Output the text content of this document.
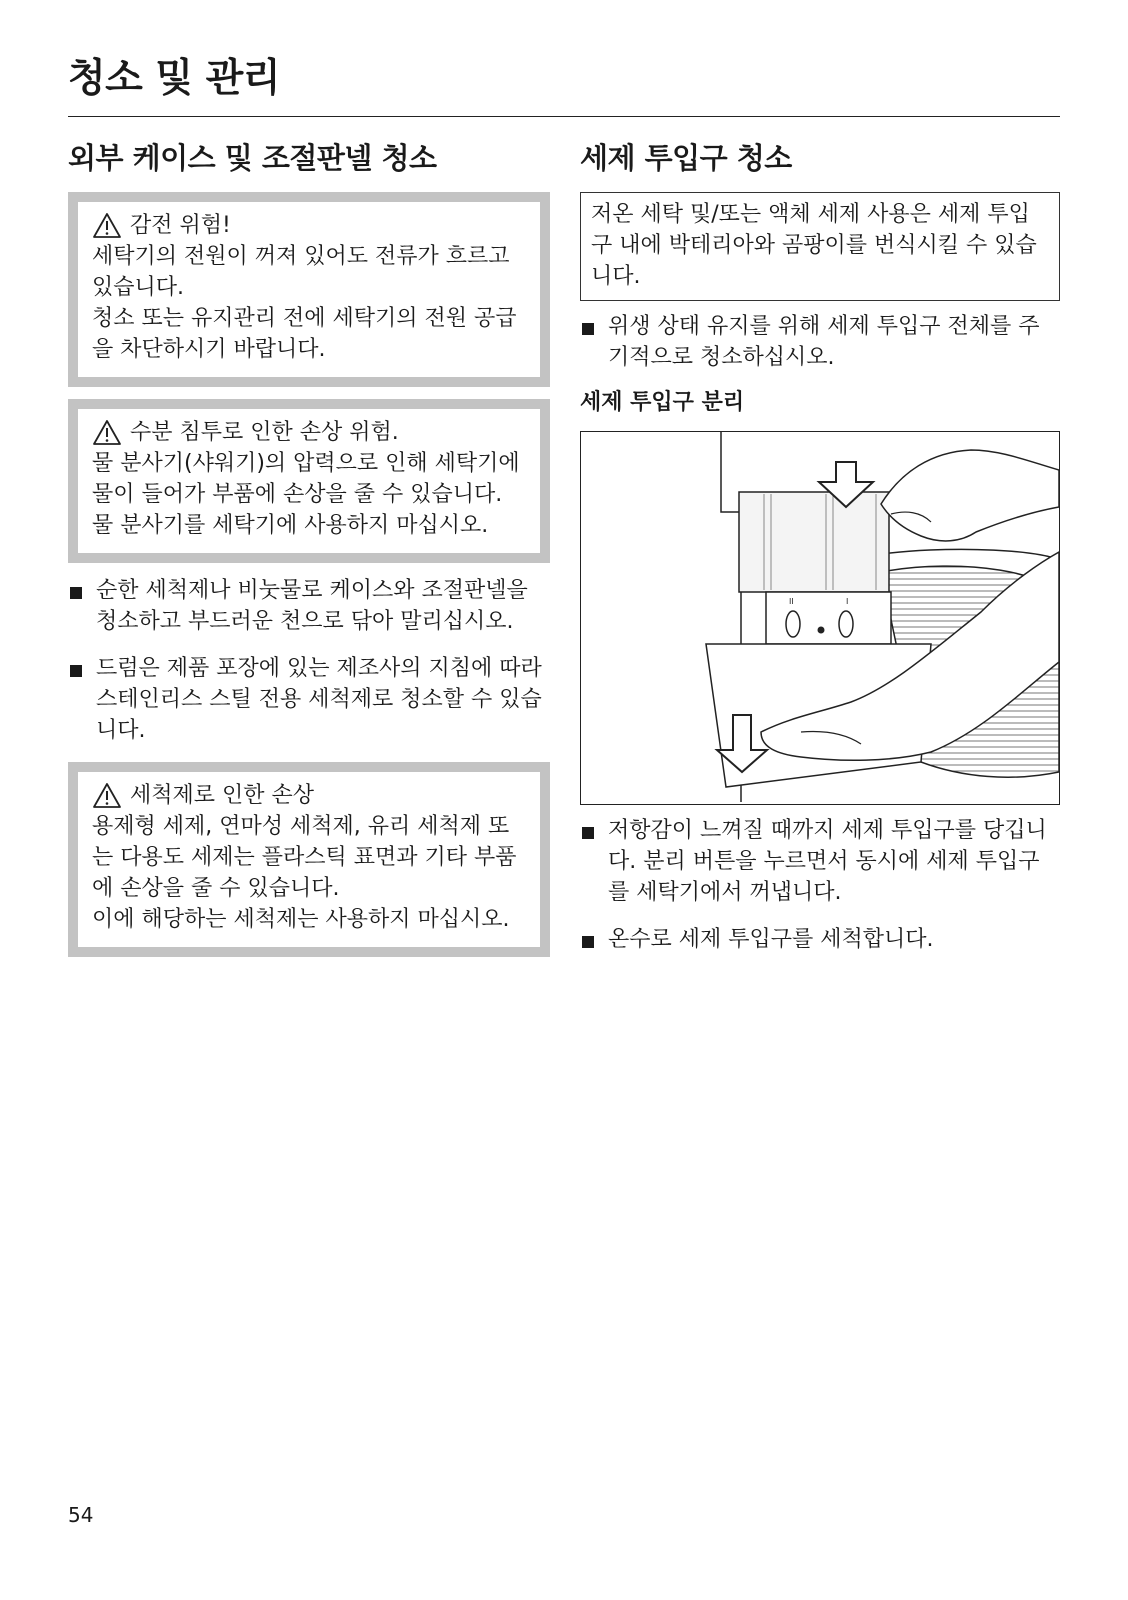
청소 및 관리
외부 케이스 및 조절판넬 청소
감전 위험!

세탁기의 전원이 꺼져 있어도 전류가 흐르고 있습니다.

청소 또는 유지관리 전에 세탁기의 전원 공급을 차단하시기 바랍니다.

수분 침투로 인한 손상 위험.

물 분사기(샤워기)의 압력으로 인해 세탁기에 물이 들어가 부품에 손상을 줄 수 있습니다.

물 분사기를 세탁기에 사용하지 마십시오.

순한 세척제나 비눗물로 케이스와 조절판넬을 청소하고 부드러운 천으로 닦아 말리십시오.
드럼은 제품 포장에 있는 제조사의 지침에 따라 스테인리스 스틸 전용 세척제로 청소할 수 있습니다.
세척제로 인한 손상

용제형 세제, 연마성 세척제, 유리 세척제 또는 다용도 세제는 플라스틱 표면과 기타 부품에 손상을 줄 수 있습니다.

이에 해당하는 세척제는 사용하지 마십시오.

세제 투입구 청소

저온 세탁 및/또는 액체 세제 사용은 세제 투입구 내에 박테리아와 곰팡이를 번식시킬 수 있습니다.

위생 상태 유지를 위해 세제 투입구 전체를 주기적으로 청소하십시오.
세제 투입구 분리
II	I
저항감이 느껴질 때까지 세제 투입구를 당깁니다. 분리 버튼을 누르면서 동시에 세제 투입구를 세탁기에서 꺼냅니다.
온수로 세제 투입구를 세척합니다.
54
